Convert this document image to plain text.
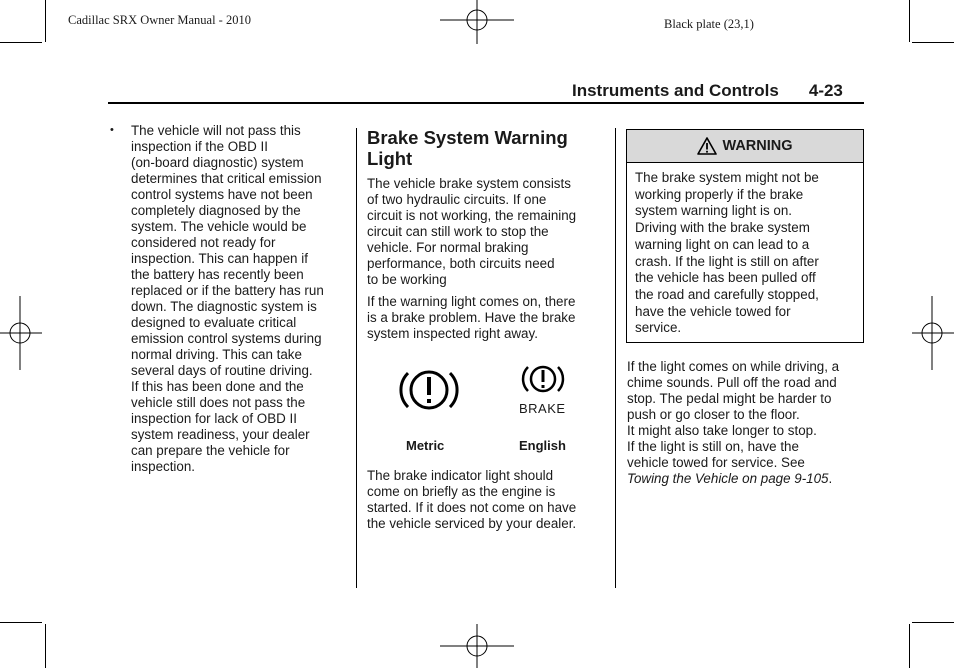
Cadillac SRX Owner Manual - 2010	Black plate (23,1)
Instruments and Controls 4-23
• The vehicle will not pass this

inspection if the OBD II

(on-board diagnostic) system

determines that critical emission

control systems have not been

completely diagnosed by the

system. The vehicle would be

considered not ready for

inspection. This can happen if

the battery has recently been

replaced or if the battery has run

down. The diagnostic system is

designed to evaluate critical

emission control systems during

normal driving. This can take

several days of routine driving.

If this has been done and the

vehicle still does not pass the

inspection for lack of OBD II

system readiness, your dealer

can prepare the vehicle for

inspection.

Brake System Warning

Light

The vehicle brake system consists

of two hydraulic circuits. If one

circuit is not working, the remaining

circuit can still work to stop the

vehicle. For normal braking

performance, both circuits need

to be working

If the warning light comes on, there

is a brake problem. Have the brake

system inspected right away.

BRAKE
Metric	English

The brake indicator light should

come on briefly as the engine is

started. If it does not come on have

the vehicle serviced by your dealer.

WARNING
The brake system might not be
working properly if the brake
system warning light is on.
Driving with the brake system
warning light on can lead to a
crash. If the light is still on after
the vehicle has been pulled off
the road and carefully stopped,
have the vehicle towed for
service.

If the light comes on while driving, a

chime sounds. Pull off the road and

stop. The pedal might be harder to

push or go closer to the floor.

It might also take longer to stop.

If the light is still on, have the

vehicle towed for service. See

Towing the Vehicle on page 9-105.
